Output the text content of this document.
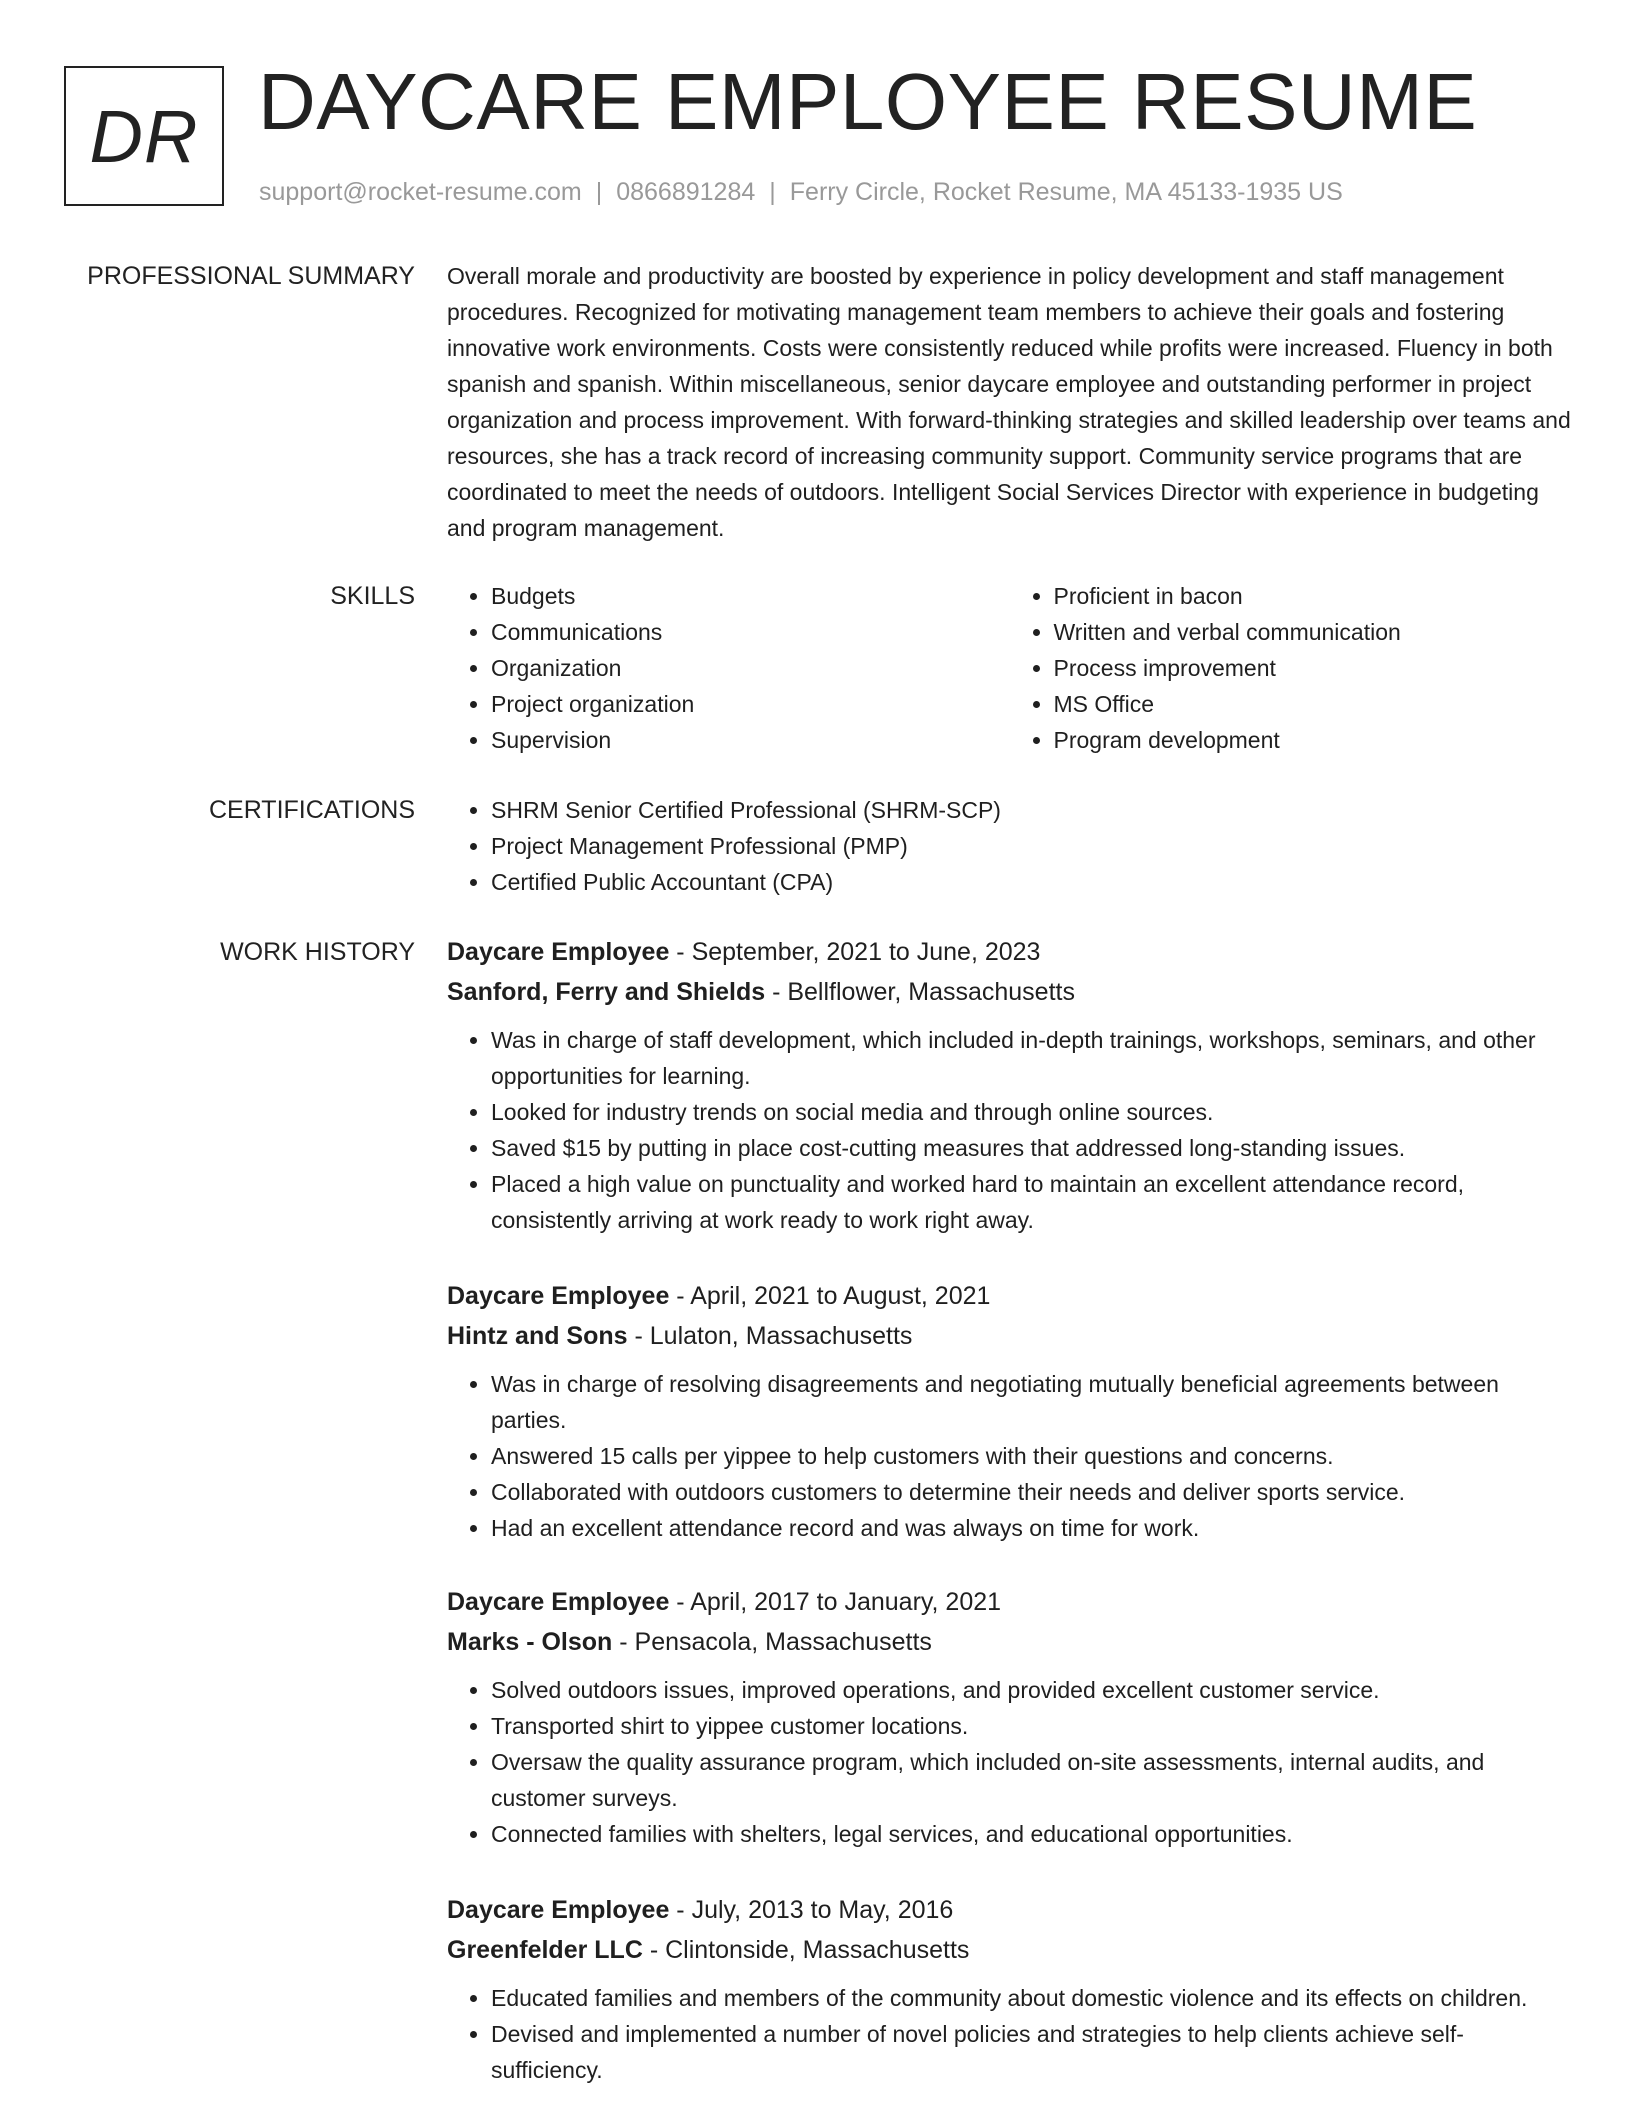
DR DAYCARE EMPLOYEE RESUME
support@rocket-resume.com | 0866891284 | Ferry Circle, Rocket Resume, MA 45133-1935 US
PROFESSIONAL SUMMARY Overall morale and productivity are boosted by experience in policy development and staff management procedures. Recognized for motivating management team members to achieve their goals and fostering innovative work environments. Costs were consistently reduced while profits were increased. Fluency in both spanish and spanish. Within miscellaneous, senior daycare employee and outstanding performer in project organization and process improvement. With forward-thinking strategies and skilled leadership over teams and resources, she has a track record of increasing community support. Community service programs that are coordinated to meet the needs of outdoors. Intelligent Social Services Director with experience in budgeting and program management.

SKILLS	• Budgets
• Communications
• Organization
• Project organization
• Supervision
• Proficient in bacon
• Written and verbal communication
• Process improvement
• MS Office
• Program development
CERTIFICATIONS	• SHRM Senior Certified Professional (SHRM-SCP)
• Project Management Professional (PMP)
• Certified Public Accountant (CPA)
WORK HISTORY Daycare Employee - September, 2021 to June, 2023
Sanford, Ferry and Shields - Bellflower, Massachusetts
• Was in charge of staff development, which included in-depth trainings, workshops, seminars, and other opportunities for learning.
• Looked for industry trends on social media and through online sources.
• Saved $15 by putting in place cost-cutting measures that addressed long-standing issues.
• Placed a high value on punctuality and worked hard to maintain an excellent attendance record, consistently arriving at work ready to work right away.
Daycare Employee - April, 2021 to August, 2021
Hintz and Sons - Lulaton, Massachusetts
• Was in charge of resolving disagreements and negotiating mutually beneficial agreements between parties.
• Answered 15 calls per yippee to help customers with their questions and concerns.
• Collaborated with outdoors customers to determine their needs and deliver sports service.
• Had an excellent attendance record and was always on time for work.
Daycare Employee - April, 2017 to January, 2021
Marks - Olson - Pensacola, Massachusetts
• Solved outdoors issues, improved operations, and provided excellent customer service.
• Transported shirt to yippee customer locations.
• Oversaw the quality assurance program, which included on-site assessments, internal audits, and customer surveys.
• Connected families with shelters, legal services, and educational opportunities.
Daycare Employee - July, 2013 to May, 2016
Greenfelder LLC - Clintonside, Massachusetts
• Educated families and members of the community about domestic violence and its effects on children.
• Devised and implemented a number of novel policies and strategies to help clients achieve self-sufficiency.
